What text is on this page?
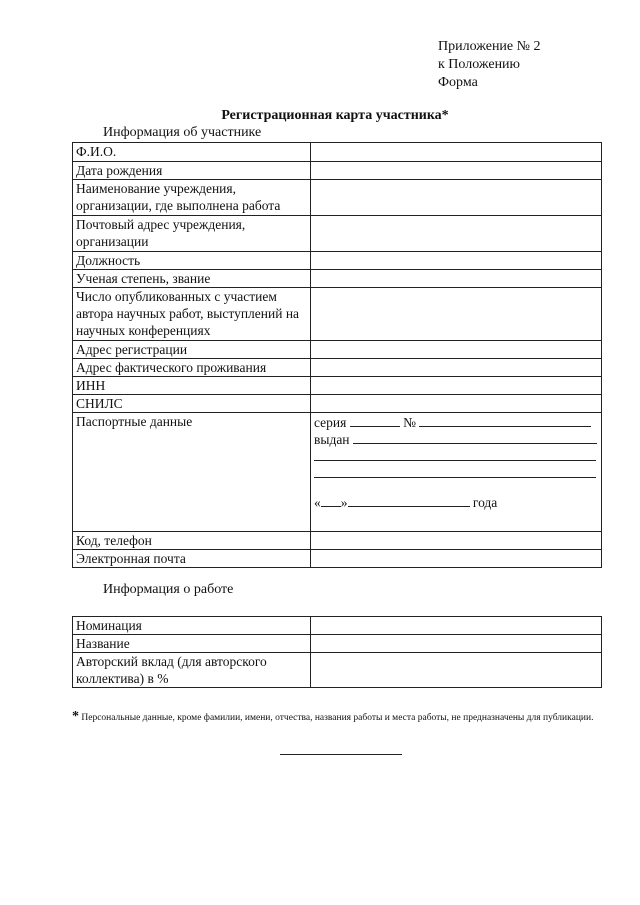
Приложение № 2
к Положению
Форма
Регистрационная карта участника*
Информация об участнике
Ф.И.О.	
Дата рождения	
Наименование учреждения, организации, где выполнена работа	
Почтовый адрес учреждения, организации	
Должность	
Ученая степень, звание	
Число опубликованных с участием автора научных работ, выступлений на научных конференциях	
Адрес регистрации	
Адрес фактического проживания	
ИНН	
СНИЛС	
Паспортные данные	серия №
выдан
« » года

Код, телефон	
Электронная почта	
Информация о работе
Номинация	
Название	
Авторский вклад (для авторского коллектива) в %	
* Персональные данные, кроме фамилии, имени, отчества, названия работы и места работы, не предназначены для публикации.
